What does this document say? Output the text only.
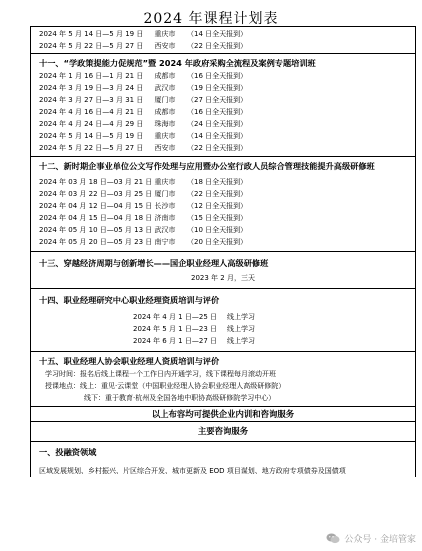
2024 年课程计划表
2024 年 5 月 14 日—5 月 19 日 重庆市 （14 日全天报到）
2024 年 5 月 22 日—5 月 27 日 西安市 （22 日全天报到）
十一、“学政策提能力促规范”暨 2024 年政府采购全流程及案例专题培训班
2024 年 1 月 16 日—1 月 21 日 成都市 （16 日全天报到）
2024 年 3 月 19 日—3 月 24 日 武汉市 （19 日全天报到）
2024 年 3 月 27 日—3 月 31 日 厦门市 （27 日全天报到）
2024 年 4 月 16 日—4 月 21 日 成都市 （16 日全天报到）
2024 年 4 月 24 日—4 月 29 日 珠海市 （24 日全天报到）
2024 年 5 月 14 日—5 月 19 日 重庆市 （14 日全天报到）
2024 年 5 月 22 日—5 月 27 日 西安市 （22 日全天报到）
十二、新时期企事业单位公文写作处理与应用暨办公室行政人员综合管理技能提升高级研修班
2024 年 03 月 18 日—03 月 21 日 重庆市 （18 日全天报到）
2024 年 03 月 22 日—03 月 25 日 厦门市 （22 日全天报到）
2024 年 04 月 12 日—04 月 15 日 长沙市 （12 日全天报到）
2024 年 04 月 15 日—04 月 18 日 济南市 （15 日全天报到）
2024 年 05 月 10 日—05 月 13 日 武汉市 （10 日全天报到）
2024 年 05 月 20 日—05 月 23 日 南宁市 （20 日全天报到）
十三、穿越经济周期与创新增长——国企职业经理人高级研修班
2023 年 2 月，三天
十四、职业经理研究中心职业经理资质培训与评价
2024 年 4 月 1 日—25 日 线上学习
2024 年 5 月 1 日—23 日 线上学习
2024 年 6 月 1 日—27 日 线上学习
十五、职业经理人协会职业经理人资质培训与评价
学习时间：报名后线上课程一个工作日内开通学习，线下课程每月滚动开班
授课地点：线上：重见·云课堂（中国职业经理人协会职业经理人高级研修院）
线下：重于教育·杭州及全国各地中职协高级研修院学习中心）
以上布容均可提供企业内训和咨询服务
主要咨询服务
一、投融资领域
区域发展规划、乡村振兴、片区综合开发、城市更新及 EOD 项目谋划、地方政府专项债券及国债项
公众号 · 金培管家
